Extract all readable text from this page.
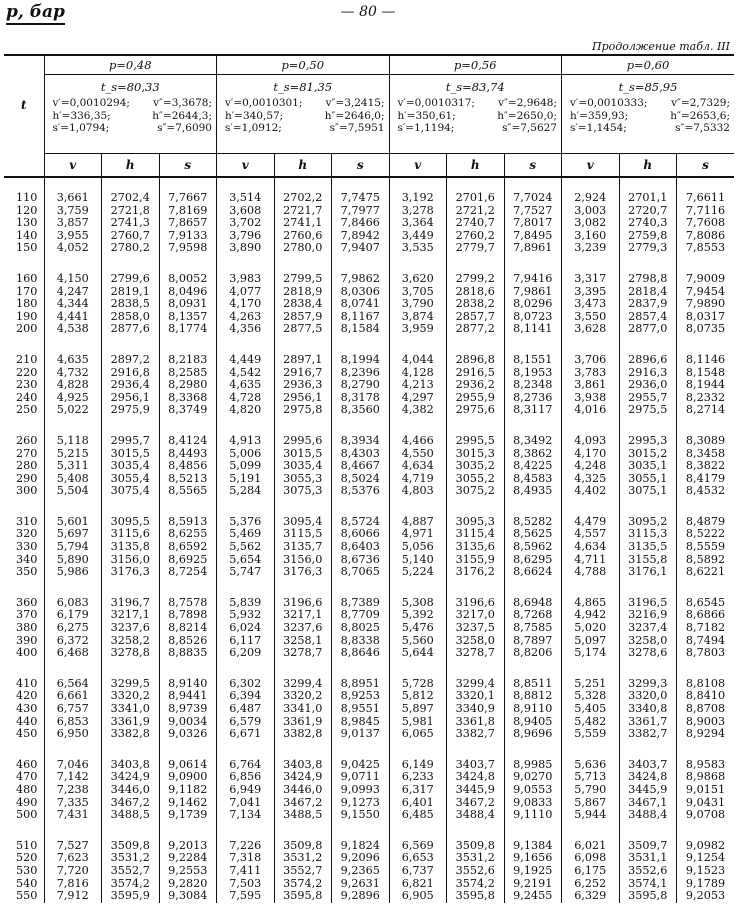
p, бар	— 80 —
Продолжение табл. III

t	p=0,48			p=0,50			p=0,56			p=0,60		

t_s=80,33
v′=0,0010294;	v″=3,3678;
h′=336,35;	h″=2644,3;
s′=1,0794;	s″=7,6090

t_s=81,35
v′=0,0010301;	v″=3,2415;
h′=340,57;	h″=2646,0;
s′=1,0912;	s″=7,5951

t_s=83,74
v′=0,0010317;	v″=2,9648;
h′=350,61;	h″=2650,0;
s′=1,1194;	s″=7,5627

t_s=85,95
v′=0,0010333;	v″=2,7329;
h′=359,93;	h″=2653,6;
s′=1,1454;	s″=7,5332

	v	h	s	v	h	s	v	h	s	v	h	s
110	3,661	2702,4	7,7667	3,514	2702,2	7,7475	3,192	2701,6	7,7024	2,924	2701,1	7,6611
120	3,759	2721,8	7,8169	3,608	2721,7	7,7977	3,278	2721,2	7,7527	3,003	2720,7	7,7116
130	3,857	2741,3	7,8657	3,702	2741,1	7,8466	3,364	2740,7	7,8017	3,082	2740,3	7,7608
140	3,955	2760,7	7,9133	3,796	2760,6	7,8942	3,449	2760,2	7,8495	3,160	2759,8	7,8086
150	4,052	2780,2	7,9598	3,890	2780,0	7,9407	3,535	2779,7	7,8961	3,239	2779,3	7,8553

160	4,150	2799,6	8,0052	3,983	2799,5	7,9862	3,620	2799,2	7,9416	3,317	2798,8	7,9009
170	4,247	2819,1	8,0496	4,077	2818,9	8,0306	3,705	2818,6	7,9861	3,395	2818,4	7,9454
180	4,344	2838,5	8,0931	4,170	2838,4	8,0741	3,790	2838,2	8,0296	3,473	2837,9	7,9890
190	4,441	2858,0	8,1357	4,263	2857,9	8,1167	3,874	2857,7	8,0723	3,550	2857,4	8,0317
200	4,538	2877,6	8,1774	4,356	2877,5	8,1584	3,959	2877,2	8,1141	3,628	2877,0	8,0735

210	4,635	2897,2	8,2183	4,449	2897,1	8,1994	4,044	2896,8	8,1551	3,706	2896,6	8,1146
220	4,732	2916,8	8,2585	4,542	2916,7	8,2396	4,128	2916,5	8,1953	3,783	2916,3	8,1548
230	4,828	2936,4	8,2980	4,635	2936,3	8,2790	4,213	2936,2	8,2348	3,861	2936,0	8,1944
240	4,925	2956,1	8,3368	4,728	2956,1	8,3178	4,297	2955,9	8,2736	3,938	2955,7	8,2332
250	5,022	2975,9	8,3749	4,820	2975,8	8,3560	4,382	2975,6	8,3117	4,016	2975,5	8,2714

260	5,118	2995,7	8,4124	4,913	2995,6	8,3934	4,466	2995,5	8,3492	4,093	2995,3	8,3089
270	5,215	3015,5	8,4493	5,006	3015,5	8,4303	4,550	3015,3	8,3862	4,170	3015,2	8,3458
280	5,311	3035,4	8,4856	5,099	3035,4	8,4667	4,634	3035,2	8,4225	4,248	3035,1	8,3822
290	5,408	3055,4	8,5213	5,191	3055,3	8,5024	4,719	3055,2	8,4583	4,325	3055,1	8,4179
300	5,504	3075,4	8,5565	5,284	3075,3	8,5376	4,803	3075,2	8,4935	4,402	3075,1	8,4532

310	5,601	3095,5	8,5913	5,376	3095,4	8,5724	4,887	3095,3	8,5282	4,479	3095,2	8,4879
320	5,697	3115,6	8,6255	5,469	3115,5	8,6066	4,971	3115,4	8,5625	4,557	3115,3	8,5222
330	5,794	3135,8	8,6592	5,562	3135,7	8,6403	5,056	3135,6	8,5962	4,634	3135,5	8,5559
340	5,890	3156,0	8,6925	5,654	3156,0	8,6736	5,140	3155,9	8,6295	4,711	3155,8	8,5892
350	5,986	3176,3	8,7254	5,747	3176,3	8,7065	5,224	3176,2	8,6624	4,788	3176,1	8,6221

360	6,083	3196,7	8,7578	5,839	3196,6	8,7389	5,308	3196,6	8,6948	4,865	3196,5	8,6545
370	6,179	3217,1	8,7898	5,932	3217,1	8,7709	5,392	3217,0	8,7268	4,942	3216,9	8,6866
380	6,275	3237,6	8,8214	6,024	3237,6	8,8025	5,476	3237,5	8,7585	5,020	3237,4	8,7182
390	6,372	3258,2	8,8526	6,117	3258,1	8,8338	5,560	3258,0	8,7897	5,097	3258,0	8,7494
400	6,468	3278,8	8,8835	6,209	3278,7	8,8646	5,644	3278,7	8,8206	5,174	3278,6	8,7803

410	6,564	3299,5	8,9140	6,302	3299,4	8,8951	5,728	3299,4	8,8511	5,251	3299,3	8,8108
420	6,661	3320,2	8,9441	6,394	3320,2	8,9253	5,812	3320,1	8,8812	5,328	3320,0	8,8410
430	6,757	3341,0	8,9739	6,487	3341,0	8,9551	5,897	3340,9	8,9110	5,405	3340,8	8,8708
440	6,853	3361,9	9,0034	6,579	3361,9	8,9845	5,981	3361,8	8,9405	5,482	3361,7	8,9003
450	6,950	3382,8	9,0326	6,671	3382,8	9,0137	6,065	3382,7	8,9696	5,559	3382,7	8,9294

460	7,046	3403,8	9,0614	6,764	3403,8	9,0425	6,149	3403,7	8,9985	5,636	3403,7	8,9583
470	7,142	3424,9	9,0900	6,856	3424,9	9,0711	6,233	3424,8	9,0270	5,713	3424,8	8,9868
480	7,238	3446,0	9,1182	6,949	3446,0	9,0993	6,317	3445,9	9,0553	5,790	3445,9	9,0151
490	7,335	3467,2	9,1462	7,041	3467,2	9,1273	6,401	3467,2	9,0833	5,867	3467,1	9,0431
500	7,431	3488,5	9,1739	7,134	3488,5	9,1550	6,485	3488,4	9,1110	5,944	3488,4	9,0708

510	7,527	3509,8	9,2013	7,226	3509,8	9,1824	6,569	3509,8	9,1384	6,021	3509,7	9,0982
520	7,623	3531,2	9,2284	7,318	3531,2	9,2096	6,653	3531,2	9,1656	6,098	3531,1	9,1254
530	7,720	3552,7	9,2553	7,411	3552,7	9,2365	6,737	3552,6	9,1925	6,175	3552,6	9,1523
540	7,816	3574,2	9,2820	7,503	3574,2	9,2631	6,821	3574,2	9,2191	6,252	3574,1	9,1789
550	7,912	3595,9	9,3084	7,595	3595,8	9,2896	6,905	3595,8	9,2455	6,329	3595,8	9,2053
